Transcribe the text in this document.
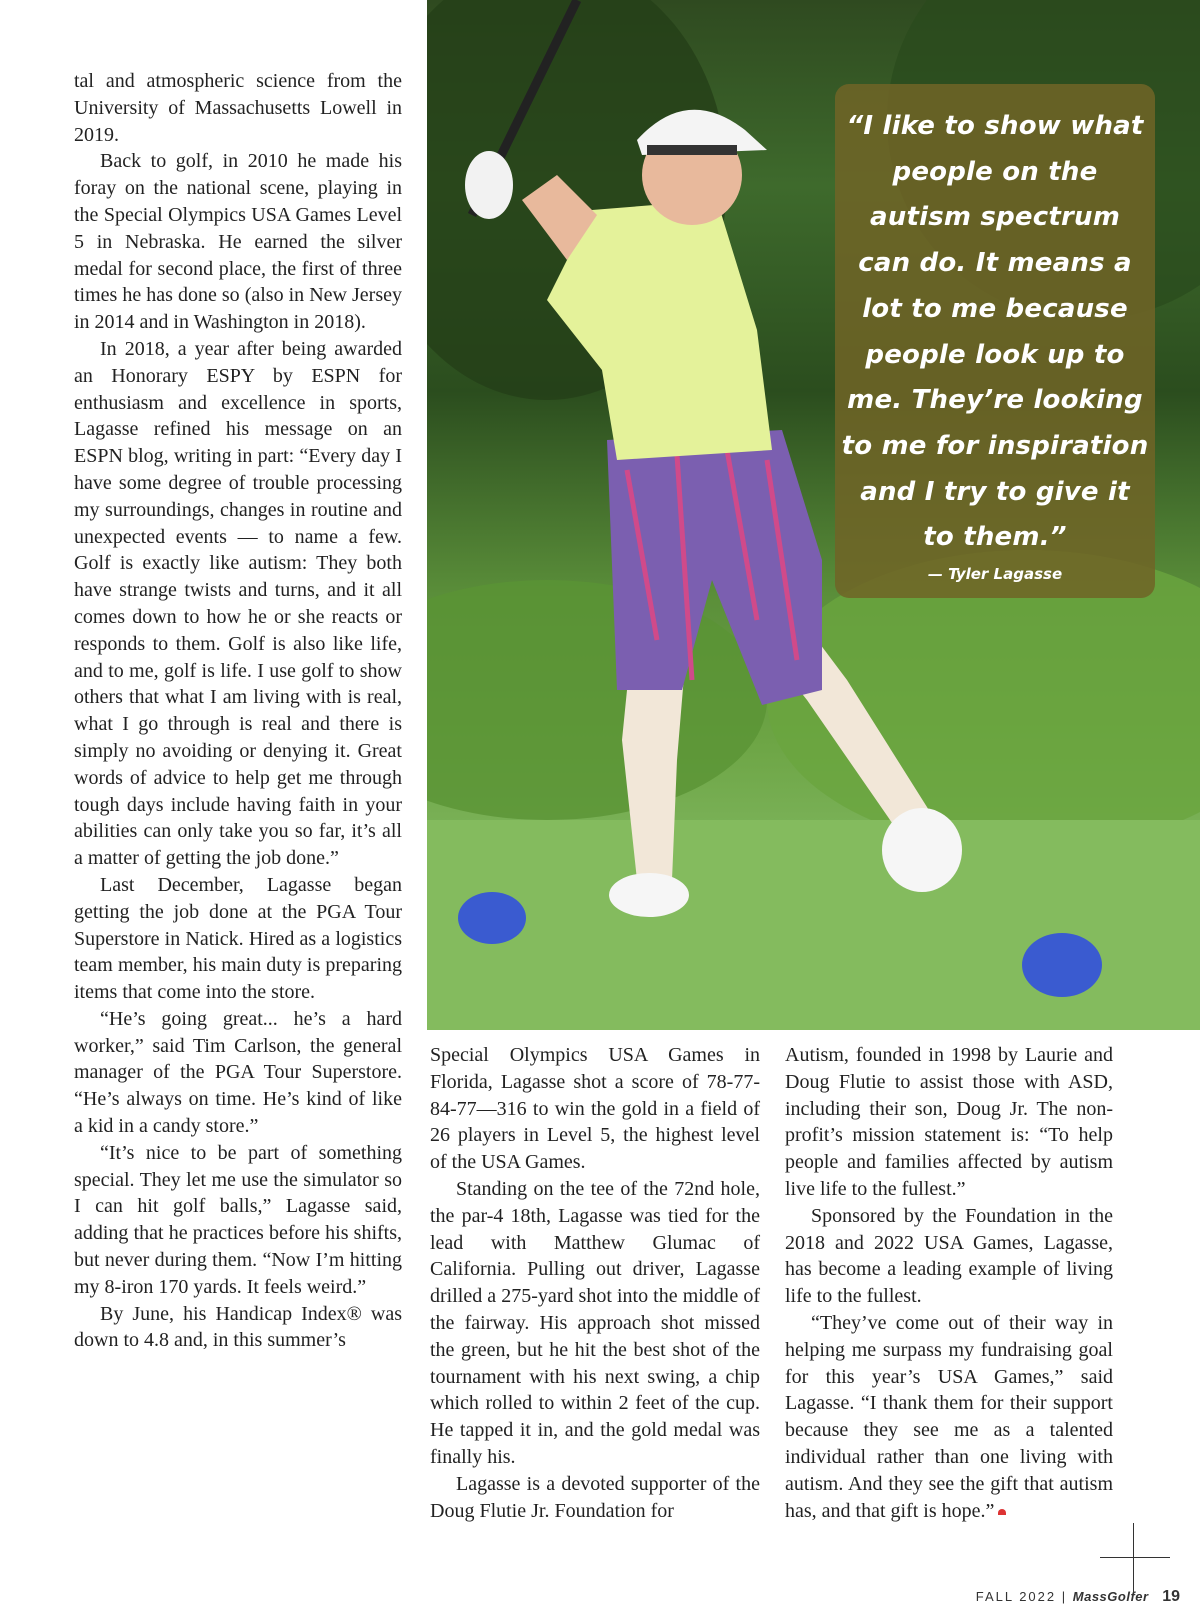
tal and atmospheric science from the University of Massachusetts Lowell in 2019.

Back to golf, in 2010 he made his foray on the national scene, playing in the Special Olympics USA Games Level 5 in Nebraska. He earned the silver medal for second place, the first of three times he has done so (also in New Jersey in 2014 and in Washington in 2018).

In 2018, a year after being awarded an Honorary ESPY by ESPN for enthusiasm and excellence in sports, Lagasse refined his message on an ESPN blog, writing in part: “Every day I have some degree of trouble processing my surroundings, changes in routine and unexpected events — to name a few. Golf is exactly like autism: They both have strange twists and turns, and it all comes down to how he or she reacts or responds to them. Golf is also like life, and to me, golf is life. I use golf to show others that what I am living with is real, what I go through is real and there is simply no avoiding or denying it. Great words of advice to help get me through tough days include having faith in your abilities can only take you so far, it’s all a matter of getting the job done.”

Last December, Lagasse began getting the job done at the PGA Tour Superstore in Natick. Hired as a logistics team member, his main duty is preparing items that come into the store.

“He’s going great... he’s a hard worker,” said Tim Carlson, the general manager of the PGA Tour Superstore. “He’s always on time. He’s kind of like a kid in a candy store.”

“It’s nice to be part of something special. They let me use the simulator so I can hit golf balls,” Lagasse said, adding that he practices before his shifts, but never during them. “Now I’m hitting my 8-iron 170 yards. It feels weird.”

By June, his Handicap Index® was down to 4.8 and, in this summer’s

“I like to show what people on the autism spectrum can do. It means a lot to me because people look up to me. They’re looking to me for inspiration and I try to give it to them.”
— Tyler Lagasse

Special Olympics USA Games in Florida, Lagasse shot a score of 78-77-84-77—316 to win the gold in a field of 26 players in Level 5, the highest level of the USA Games.

Standing on the tee of the 72nd hole, the par-4 18th, Lagasse was tied for the lead with Matthew Glumac of California. Pulling out driver, Lagasse drilled a 275-yard shot into the middle of the fairway. His approach shot missed the green, but he hit the best shot of the tournament with his next swing, a chip which rolled to within 2 feet of the cup. He tapped it in, and the gold medal was finally his.

Lagasse is a devoted supporter of the Doug Flutie Jr. Foundation for

Autism, founded in 1998 by Laurie and Doug Flutie to assist those with ASD, including their son, Doug Jr. The non-profit’s mission statement is: “To help people and families affected by autism live life to the fullest.”

Sponsored by the Foundation in the 2018 and 2022 USA Games, Lagasse, has become a leading example of living life to the fullest.

“They’ve come out of their way in helping me surpass my fundraising goal for this year’s USA Games,” said Lagasse. “I thank them for their support because they see me as a talented individual rather than one living with autism. And they see the gift that autism has, and that gift is hope.”

FALL 2022 | MassGolfer 19
